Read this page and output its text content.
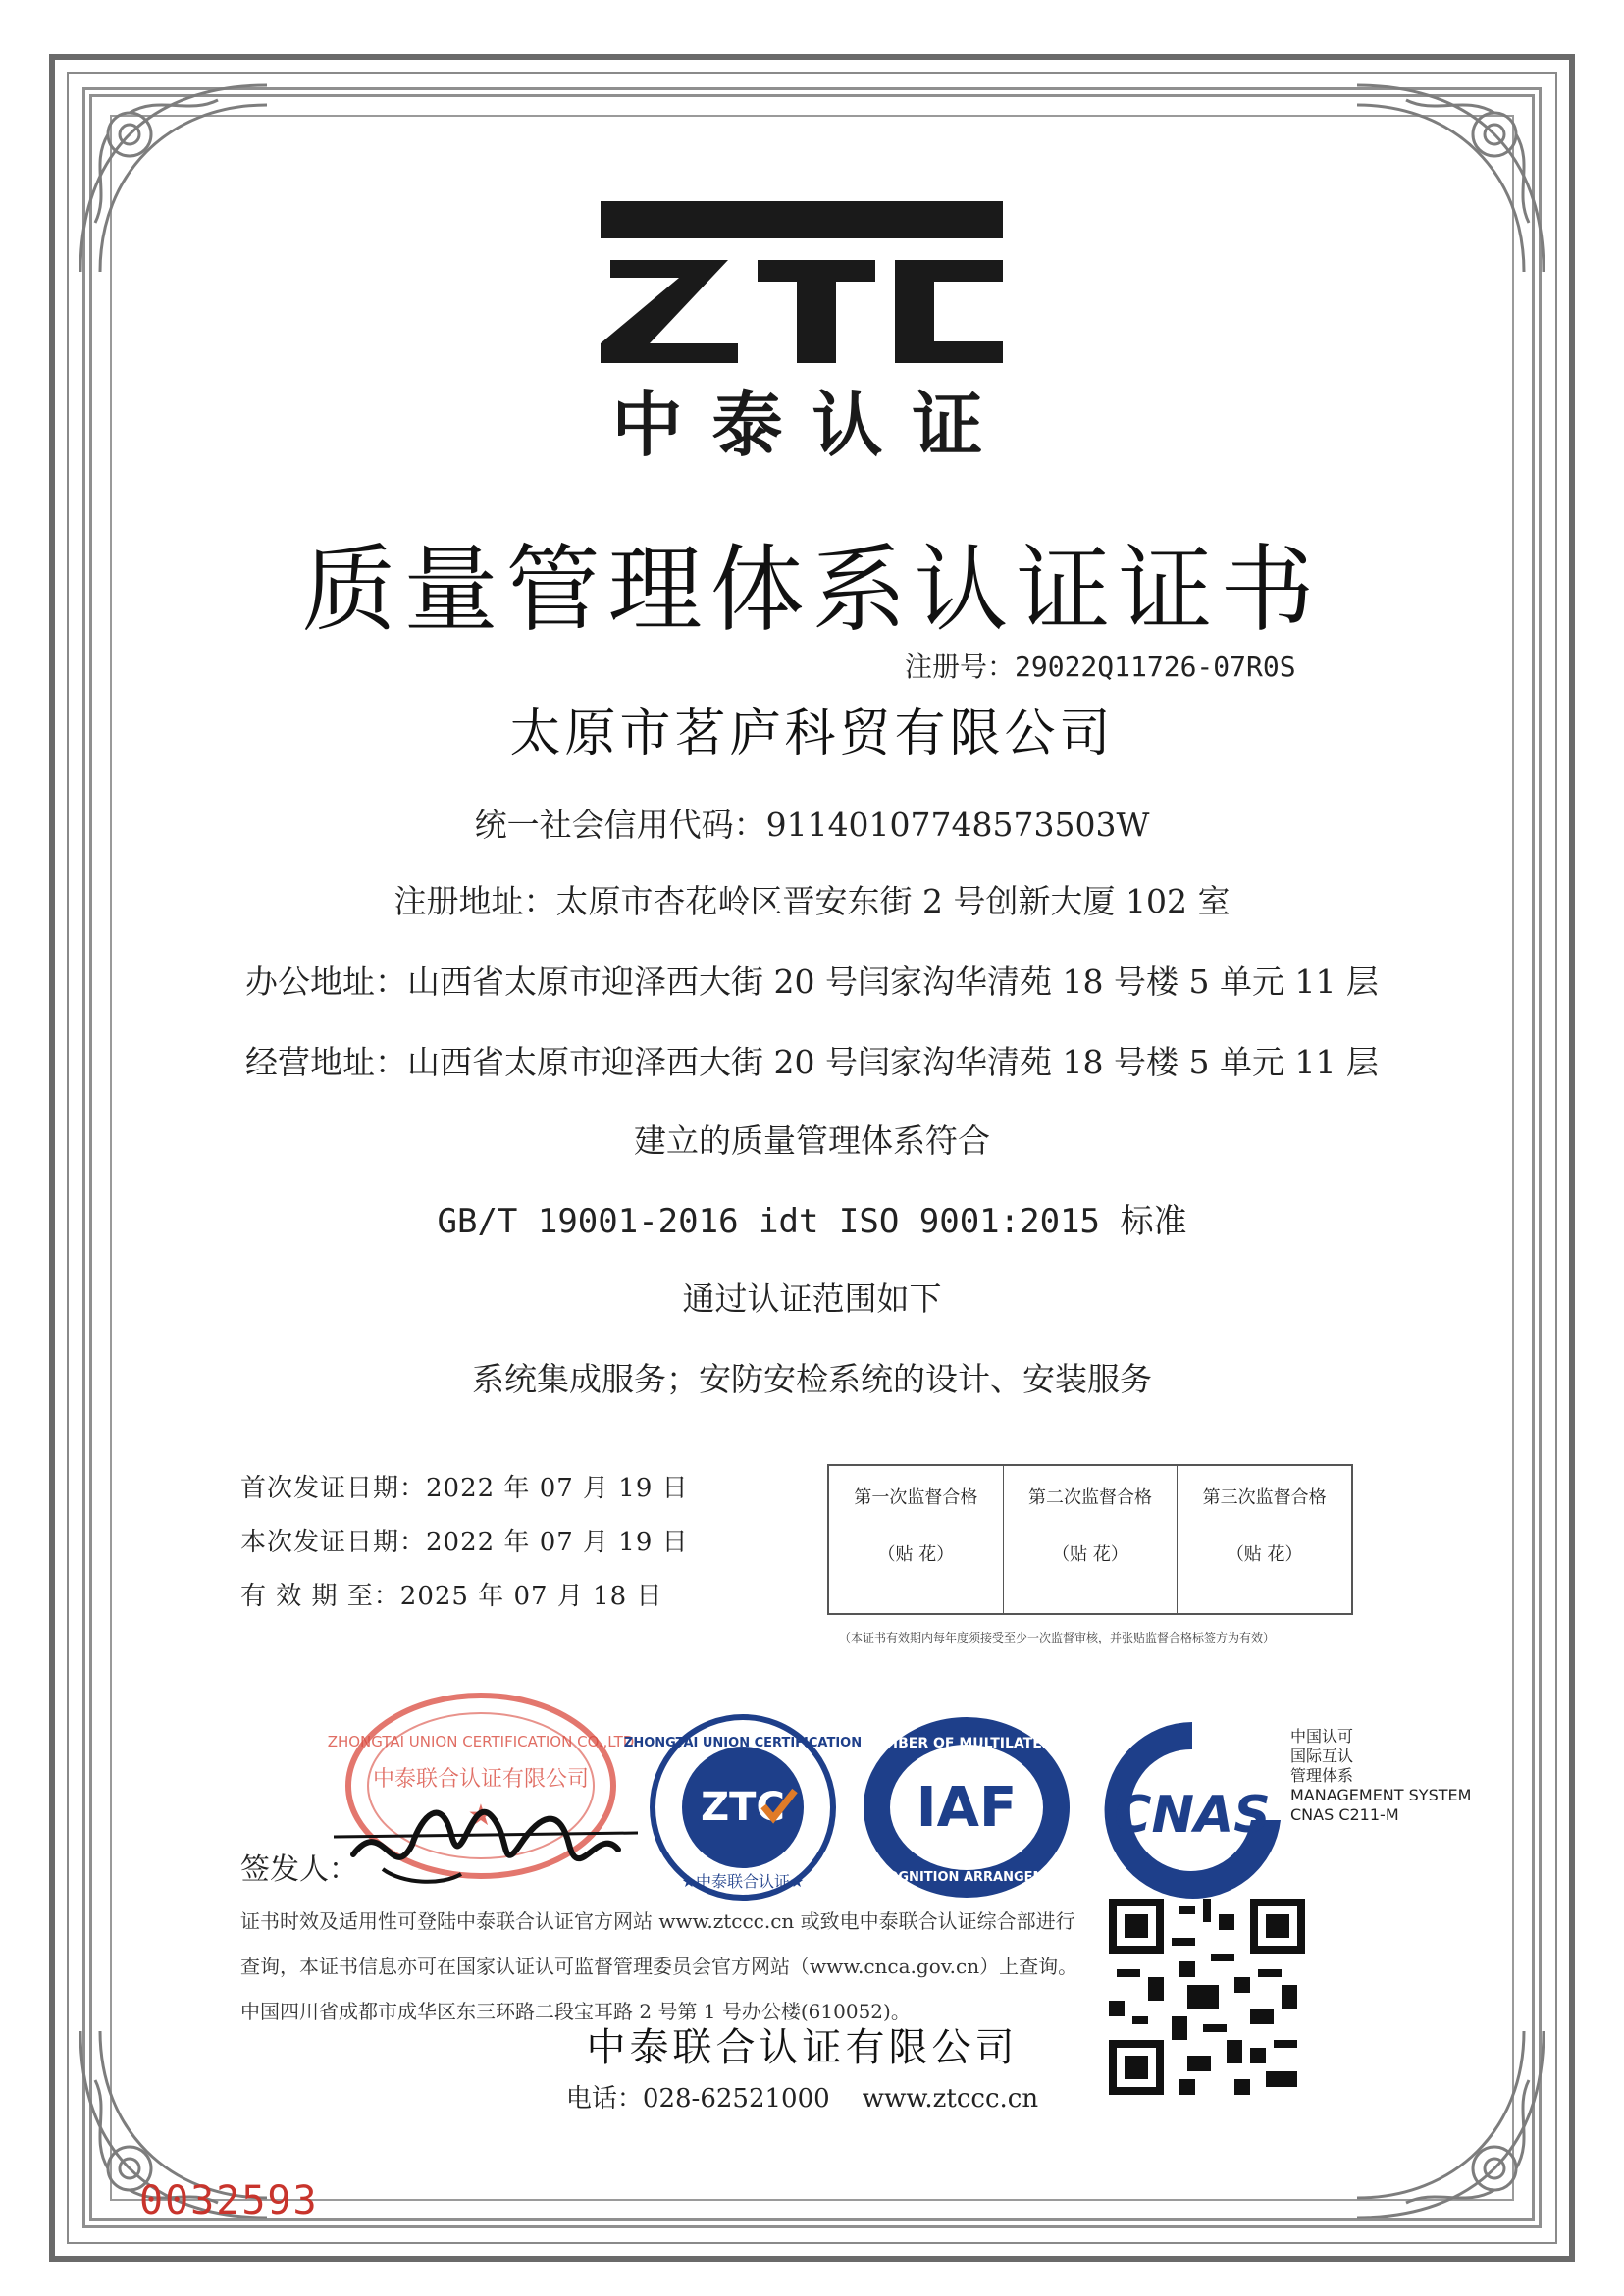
中泰认证
质量管理体系认证证书
注册号：29022Q11726-07R0S
太原市茗庐科贸有限公司
统一社会信用代码：91140107748573503W
注册地址：太原市杏花岭区晋安东街 2 号创新大厦 102 室
办公地址：山西省太原市迎泽西大街 20 号闫家沟华清苑 18 号楼 5 单元 11 层
经营地址：山西省太原市迎泽西大街 20 号闫家沟华清苑 18 号楼 5 单元 11 层
建立的质量管理体系符合
GB/T 19001-2016 idt ISO 9001:2015 标准
通过认证范围如下
系统集成服务；安防安检系统的设计、安装服务
首次发证日期：2022 年 07 月 19 日
本次发证日期：2022 年 07 月 19 日
有 效 期 至：2025 年 07 月 18 日
第一次监督合格
（贴 花）
第二次监督合格
（贴 花）
第三次监督合格
（贴 花）
（本证书有效期内每年度须接受至少一次监督审核，并张贴监督合格标签方为有效）
ZHONGTAI UNION CERTIFICATION CO.,LTD
中泰联合认证有限公司
★
ZHONGTAI UNION CERTIFICATION
ZTC
★中泰联合认证★
MEMBER OF MULTILATERAL
IAF
RECOGNITION ARRANGEMENT
CNAS
中国认可
国际互认
管理体系
MANAGEMENT SYSTEM
CNAS C211-M
签发人：
证书时效及适用性可登陆中泰联合认证官方网站 www.ztccc.cn 或致电中泰联合认证综合部进行
查询，本证书信息亦可在国家认证认可监督管理委员会官方网站（www.cnca.gov.cn）上查询。
中国四川省成都市成华区东三环路二段宝耳路 2 号第 1 号办公楼(610052)。
中泰联合认证有限公司
电话：028-62521000    www.ztccc.cn
0032593
